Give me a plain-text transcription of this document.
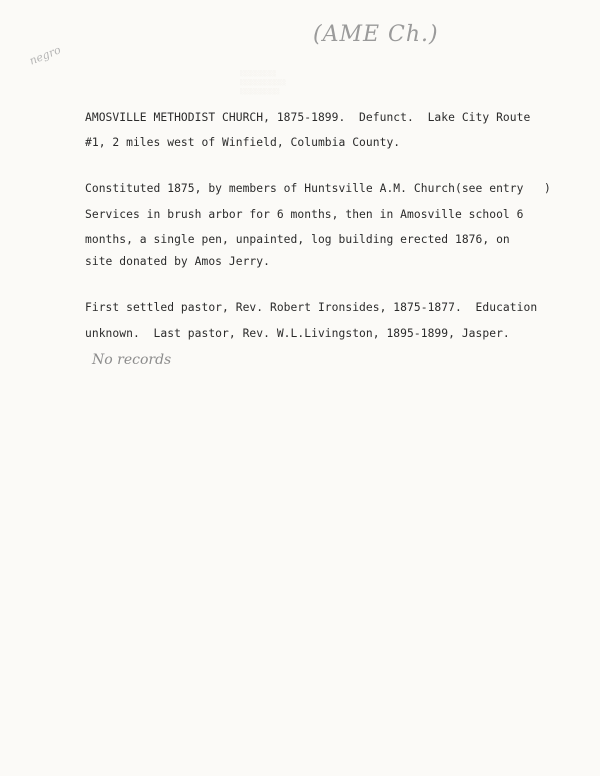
(AME Ch.)
negro
░░░░░░░░░░░
░░░░░░░░░░░░░░
░░░░░░░░░░░░
AMOSVILLE METHODIST CHURCH, 1875-1899.  Defunct.  Lake City Route
#1, 2 miles west of Winfield, Columbia County.
Constituted 1875, by members of Huntsville A.M. Church(see entry   )
Services in brush arbor for 6 months, then in Amosville school 6
months, a single pen, unpainted, log building erected 1876, on
site donated by Amos Jerry.
First settled pastor, Rev. Robert Ironsides, 1875-1877.  Education
unknown.  Last pastor, Rev. W.L.Livingston, 1895-1899, Jasper.
No records
